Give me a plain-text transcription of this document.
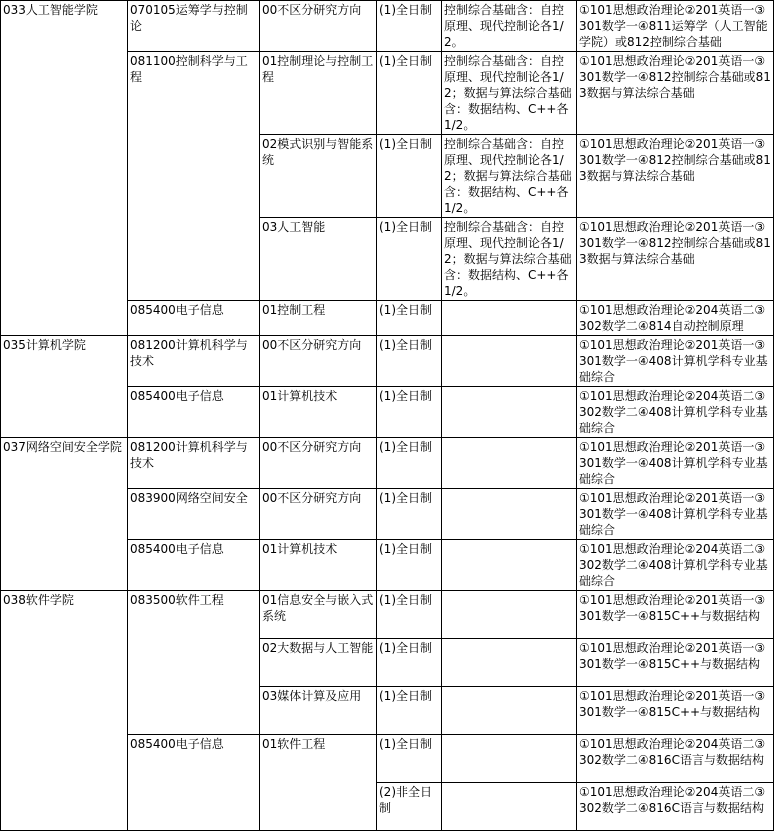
033人工智能学院	070105运筹学与控制论	00不区分研究方向	(1)全日制	控制综合基础含：自控原理、现代控制论各1/2。	①101思想政治理论②201英语一③301数学一④811运筹学（人工智能学院）或812控制综合基础
	081100控制科学与工程	01控制理论与控制工程	(1)全日制	控制综合基础含：自控原理、现代控制论各1/2；数据与算法综合基础含：数据结构、C++各1/2。	①101思想政治理论②201英语一③301数学一④812控制综合基础或813数据与算法综合基础
		02模式识别与智能系统	(1)全日制	控制综合基础含：自控原理、现代控制论各1/2；数据与算法综合基础含：数据结构、C++各1/2。	①101思想政治理论②201英语一③301数学一④812控制综合基础或813数据与算法综合基础
		03人工智能	(1)全日制	控制综合基础含：自控原理、现代控制论各1/2；数据与算法综合基础含：数据结构、C++各1/2。	①101思想政治理论②201英语一③301数学一④812控制综合基础或813数据与算法综合基础
	085400电子信息	01控制工程	(1)全日制		①101思想政治理论②204英语二③302数学二④814自动控制原理
035计算机学院	081200计算机科学与技术	00不区分研究方向	(1)全日制		①101思想政治理论②201英语一③301数学一④408计算机学科专业基础综合
	085400电子信息	01计算机技术	(1)全日制		①101思想政治理论②204英语二③302数学二④408计算机学科专业基础综合
037网络空间安全学院	081200计算机科学与技术	00不区分研究方向	(1)全日制		①101思想政治理论②201英语一③301数学一④408计算机学科专业基础综合
	083900网络空间安全	00不区分研究方向	(1)全日制		①101思想政治理论②201英语一③301数学一④408计算机学科专业基础综合
	085400电子信息	01计算机技术	(1)全日制		①101思想政治理论②204英语二③302数学二④408计算机学科专业基础综合
038软件学院	083500软件工程	01信息安全与嵌入式系统	(1)全日制		①101思想政治理论②201英语一③301数学一④815C++与数据结构
		02大数据与人工智能	(1)全日制		①101思想政治理论②201英语一③301数学一④815C++与数据结构
		03媒体计算及应用	(1)全日制		①101思想政治理论②201英语一③301数学一④815C++与数据结构
	085400电子信息	01软件工程	(1)全日制		①101思想政治理论②204英语二③302数学二④816C语言与数据结构
			(2)非全日制		①101思想政治理论②204英语二③302数学二④816C语言与数据结构
